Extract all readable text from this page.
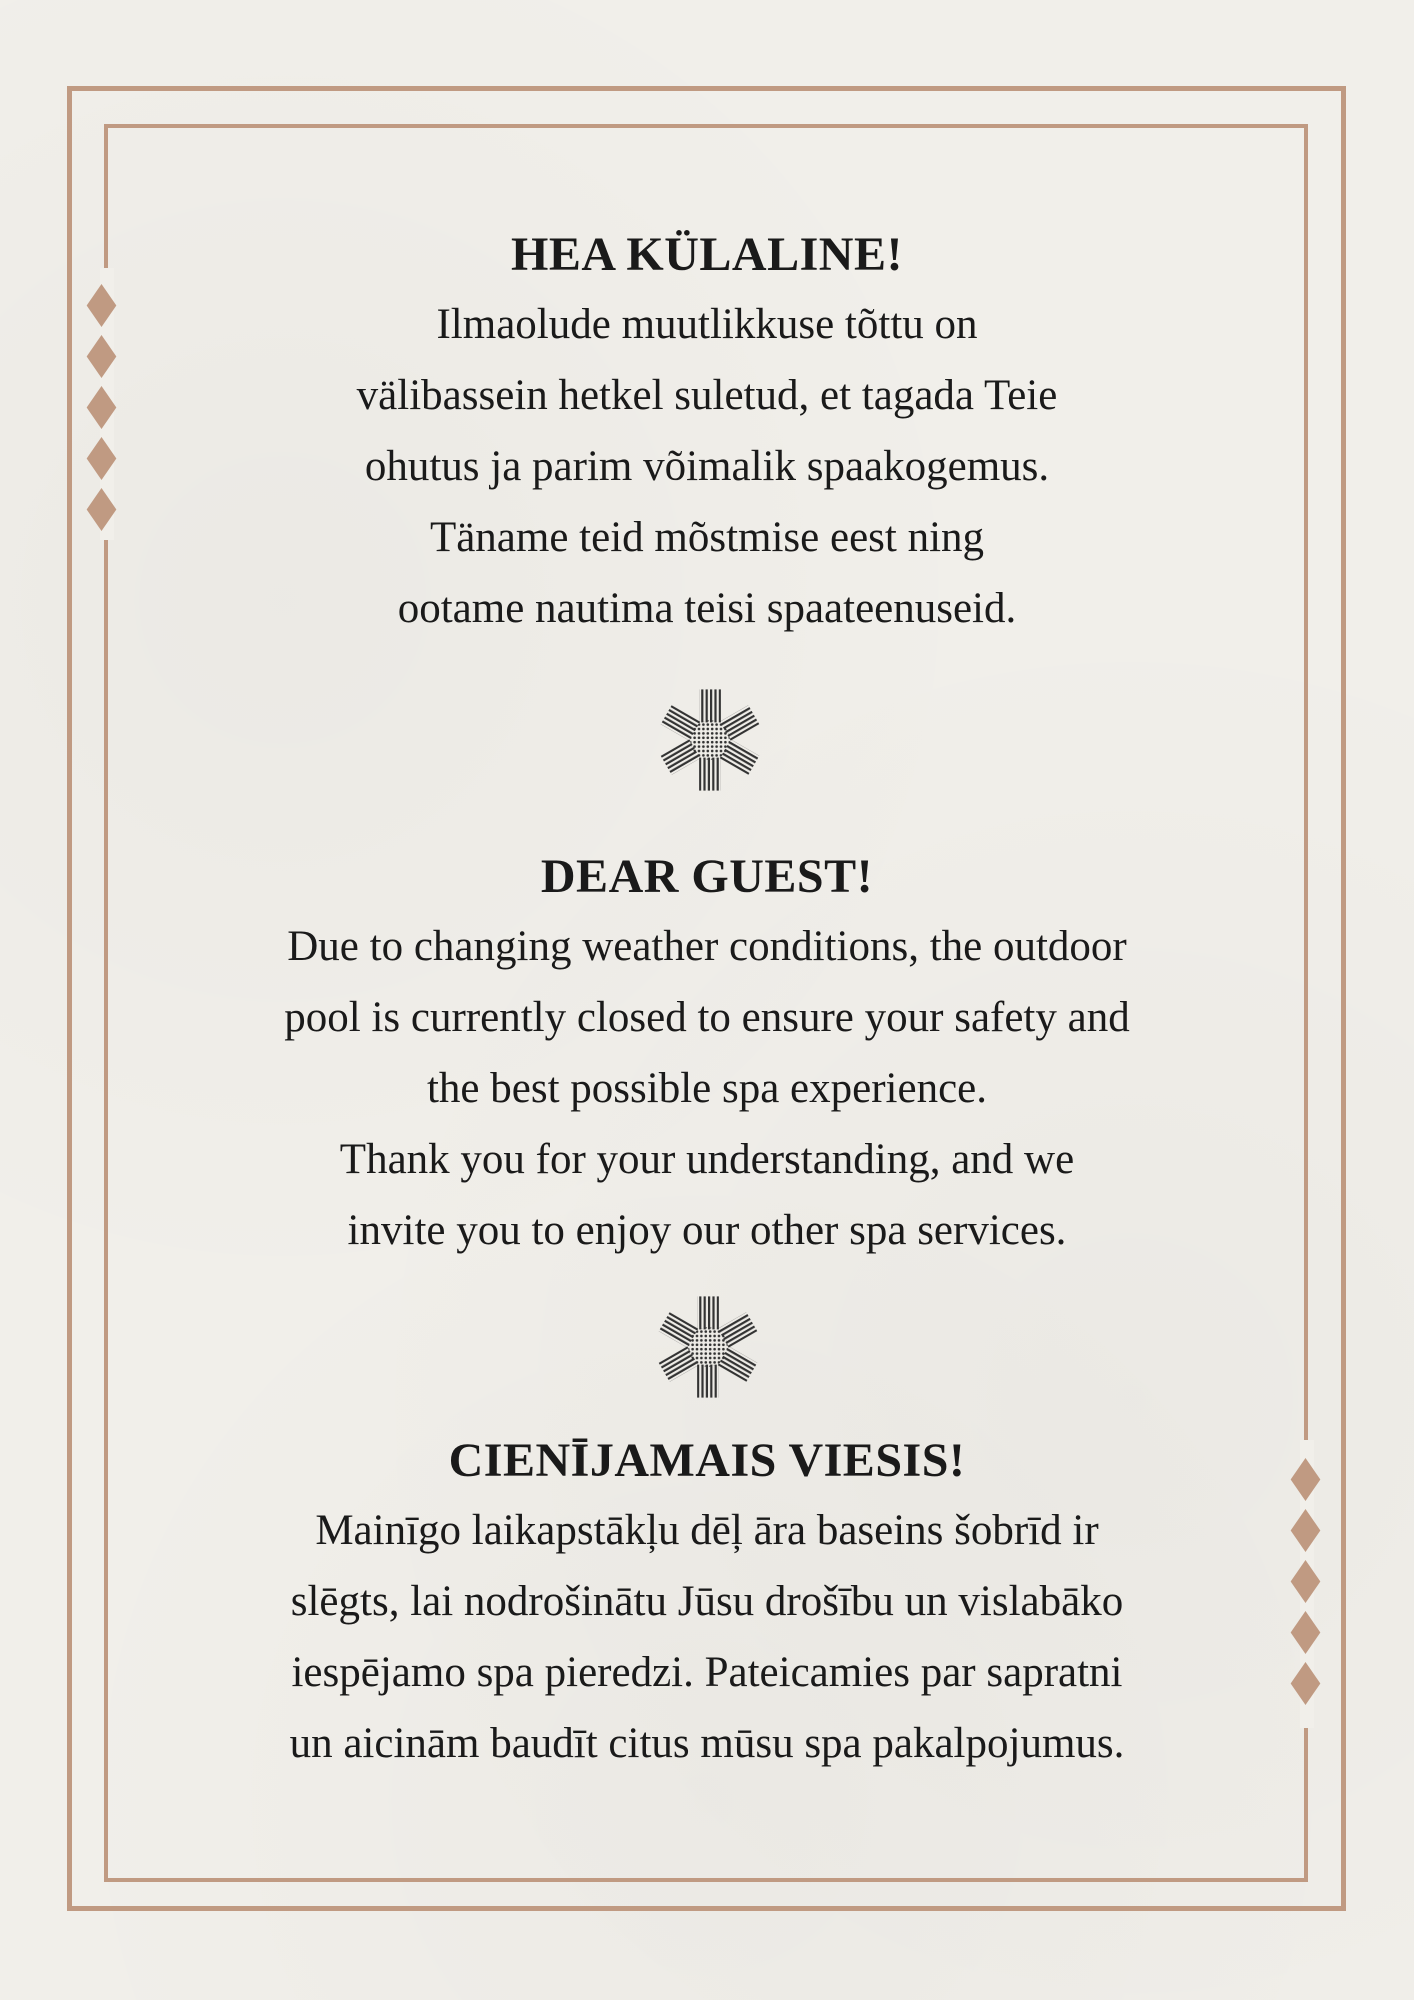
HEA KÜLALINE!
Ilmaolude muutlikkuse tõttu on
välibassein hetkel suletud, et tagada Teie
ohutus ja parim võimalik spaakogemus.
Täname teid mõstmise eest ning
ootame nautima teisi spaateenuseid.
DEAR GUEST!
Due to changing weather conditions, the outdoor
pool is currently closed to ensure your safety and
the best possible spa experience.
Thank you for your understanding, and we
invite you to enjoy our other spa services.
CIENĪJAMAIS VIESIS!
Mainīgo laikapstākļu dēļ āra baseins šobrīd ir
slēgts, lai nodrošinātu Jūsu drošību un vislabāko
iespējamo spa pieredzi. Pateicamies par sapratni
un aicinām baudīt citus mūsu spa pakalpojumus.
